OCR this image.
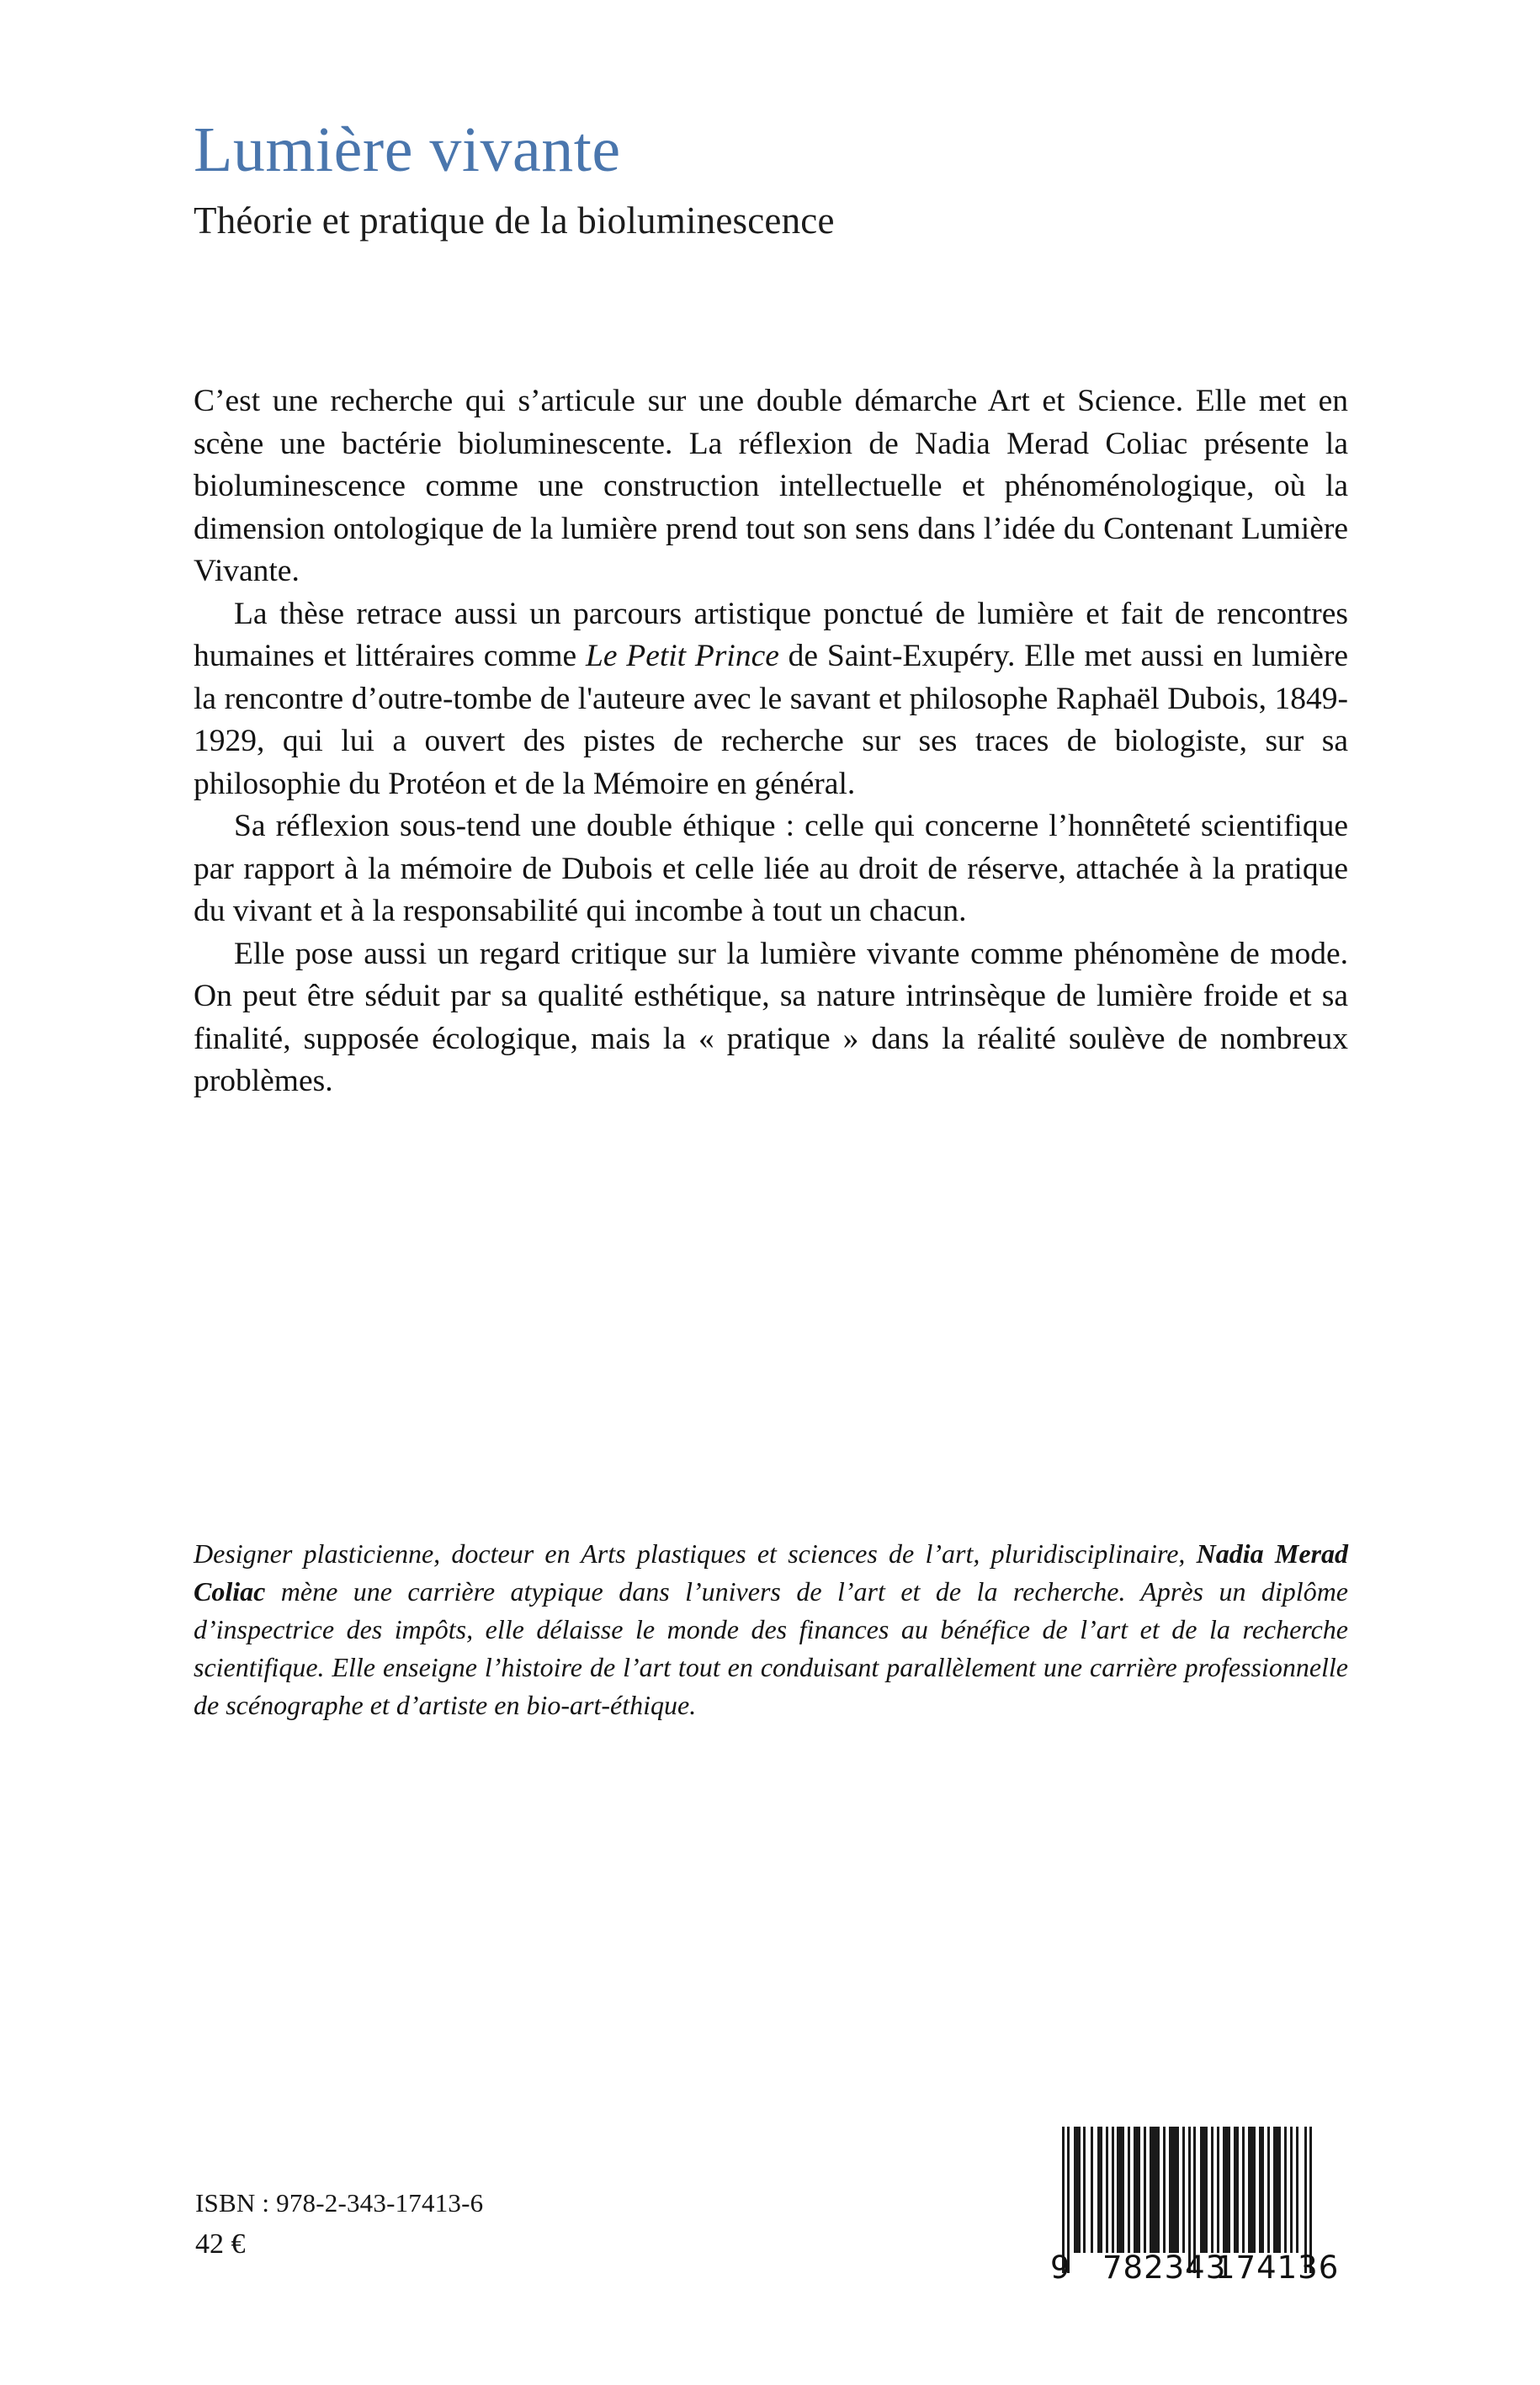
Lumière vivante
Théorie et pratique de la bioluminescence

C’est une recherche qui s’articule sur une double démarche Art et Science. Elle met en scène une bactérie bioluminescente. La réflexion de Nadia Merad Coliac présente la bioluminescence comme une construction intellectuelle et phénoménologique, où la dimension ontologique de la lumière prend tout son sens dans l’idée du Contenant Lumière Vivante.

La thèse retrace aussi un parcours artistique ponctué de lumière et fait de rencontres humaines et littéraires comme Le Petit Prince de Saint-Exupéry. Elle met aussi en lumière la rencontre d’outre-tombe de l'auteure avec le savant et philosophe Raphaël Dubois, 1849-1929, qui lui a ouvert des pistes de recherche sur ses traces de biologiste, sur sa philosophie du Protéon et de la Mémoire en général.

Sa réflexion sous-tend une double éthique : celle qui concerne l’honnêteté scientifique par rapport à la mémoire de Dubois et celle liée au droit de réserve, attachée à la pratique du vivant et à la responsabilité qui incombe à tout un chacun.

Elle pose aussi un regard critique sur la lumière vivante comme phénomène de mode. On peut être séduit par sa qualité esthétique, sa nature intrinsèque de lumière froide et sa finalité, supposée écologique, mais la « pratique » dans la réalité soulève de nombreux problèmes.

Designer plasticienne, docteur en Arts plastiques et sciences de l’art, pluridisciplinaire, Nadia Merad Coliac mène une carrière atypique dans l’univers de l’art et de la recherche. Après un diplôme d’inspectrice des impôts, elle délaisse le monde des finances au bénéfice de l’art et de la recherche scientifique. Elle enseigne l’histoire de l’art tout en conduisant parallèlement une carrière professionnelle de scénographe et d’artiste en bio-art-éthique.

ISBN : 978-2-343-17413-6
42 €
9 782343
174136
